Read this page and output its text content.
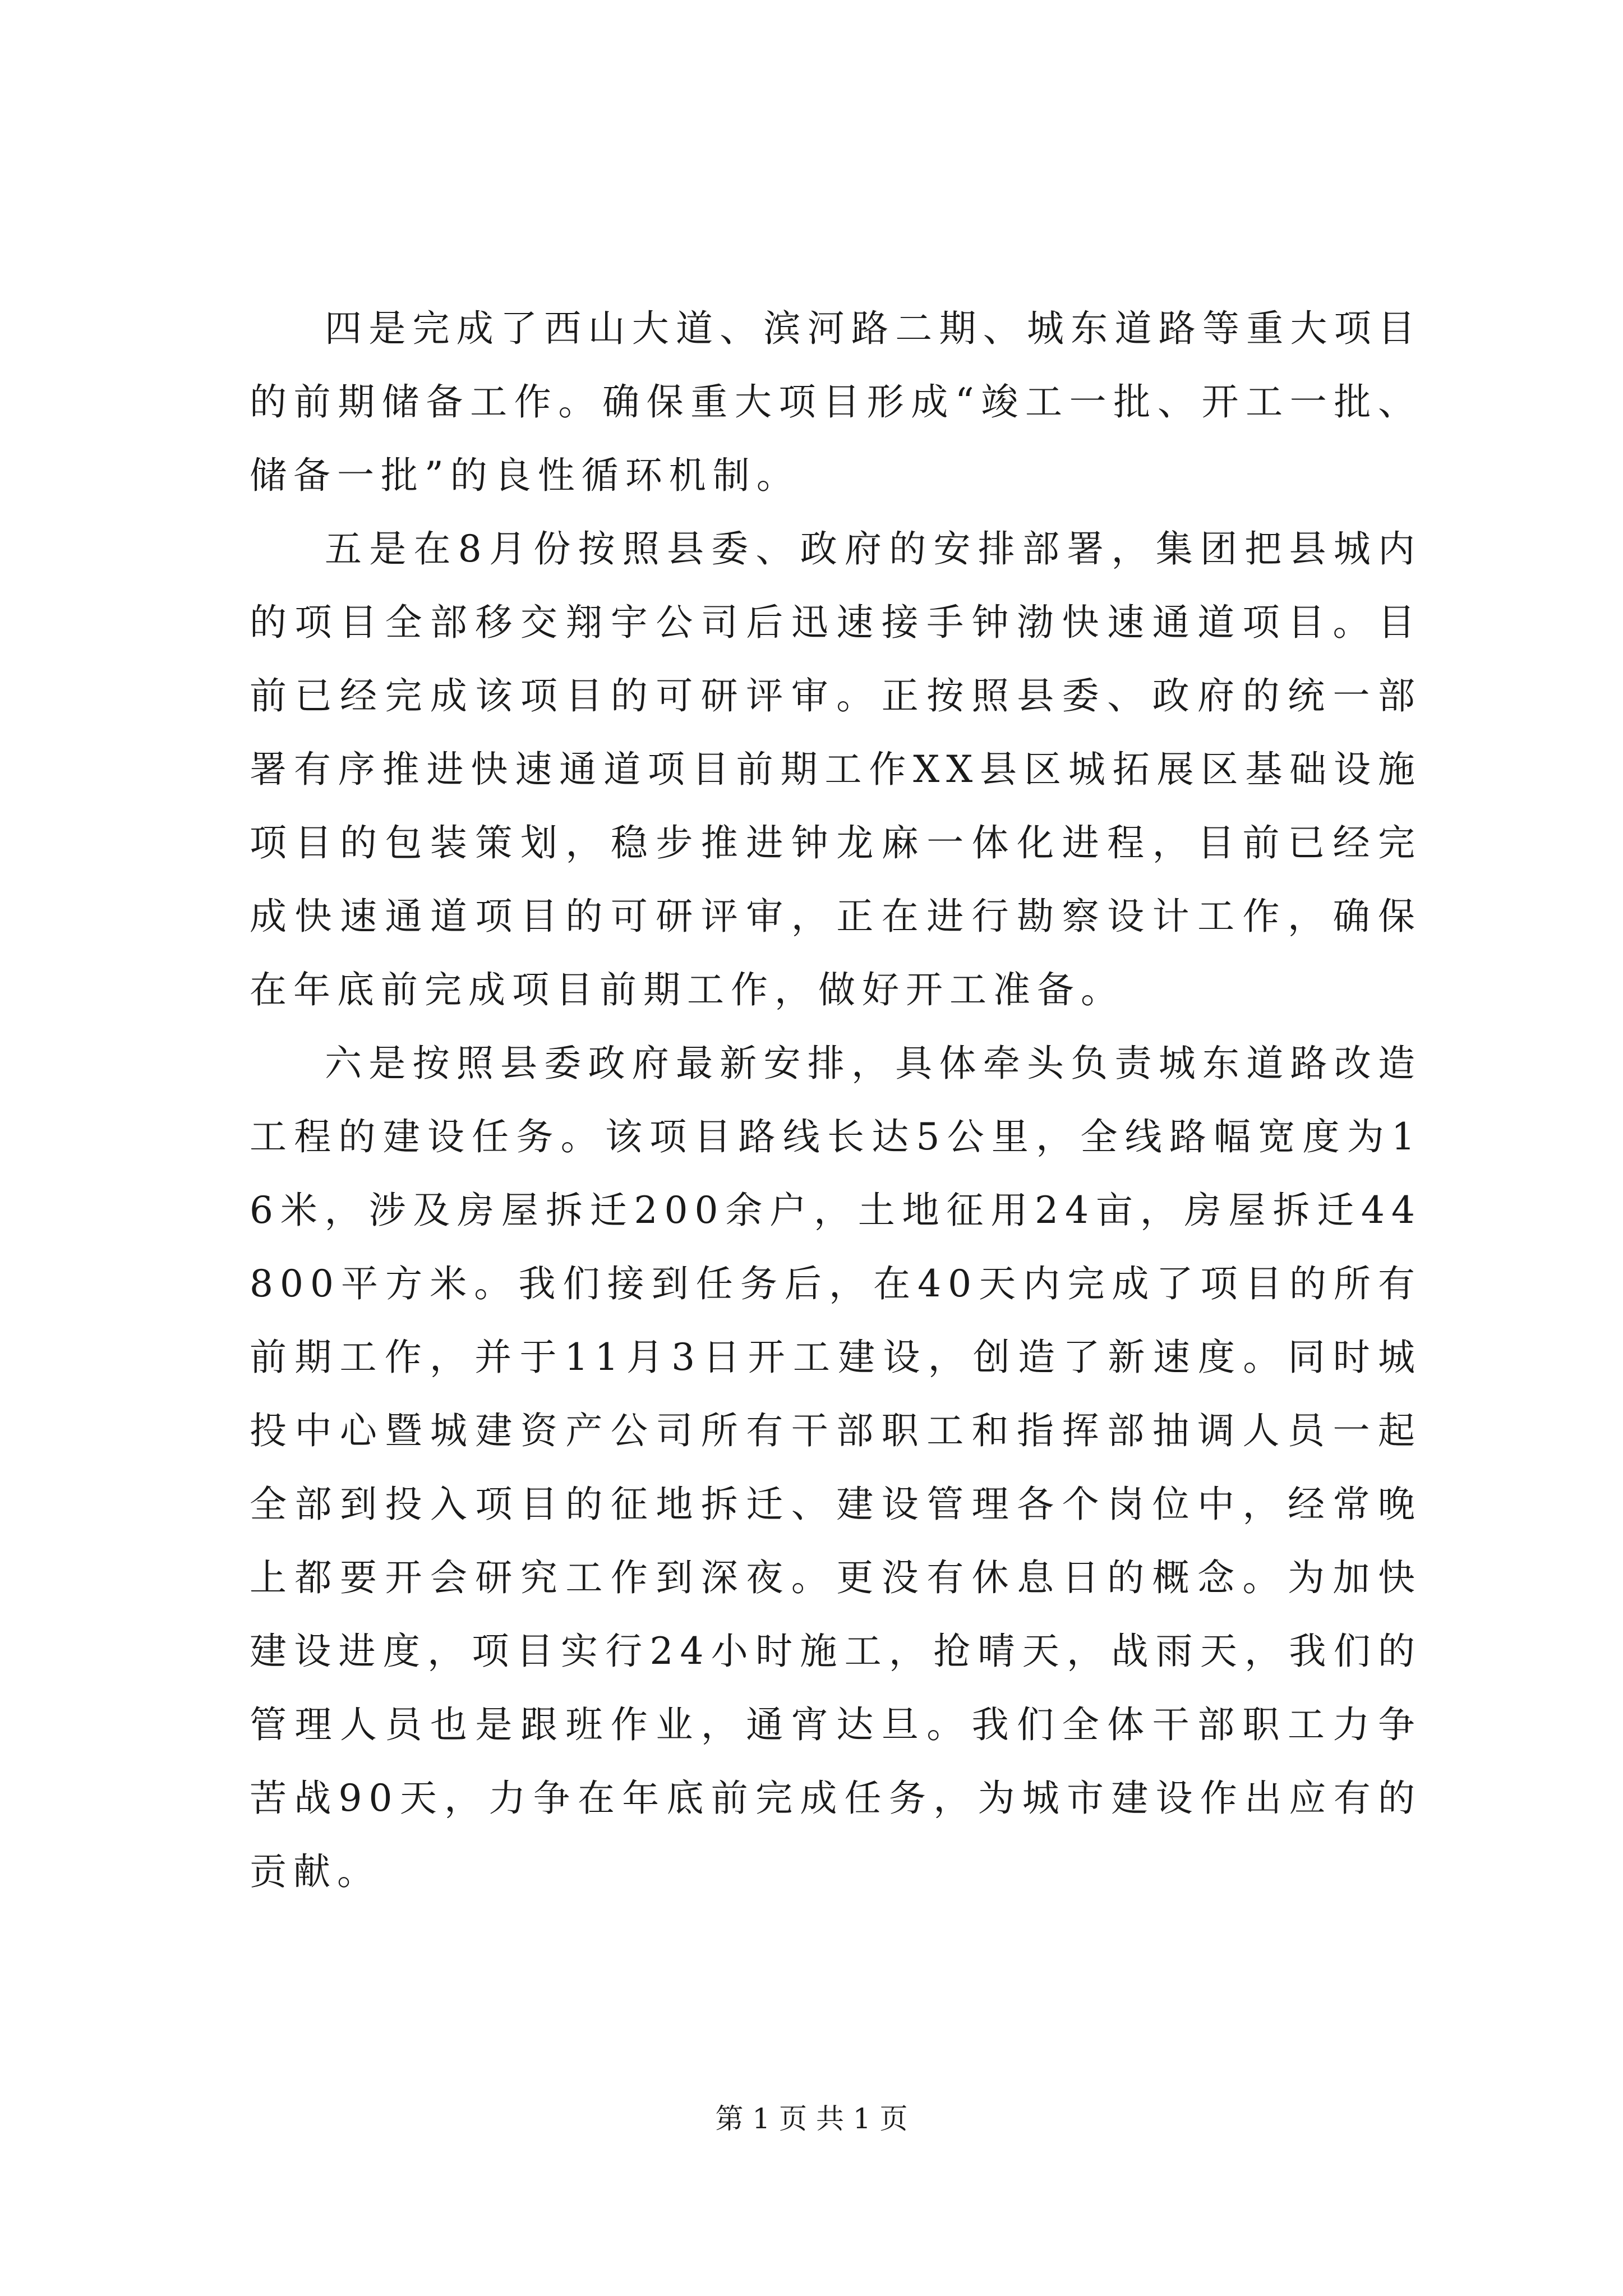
四是完成了西山大道、滨河路二期、城东道路等重大项目的前期储备工作。确保重大项目形成“竣工一批、开工一批、储备一批”的良性循环机制。

五是在8月份按照县委、政府的安排部署，集团把县城内的项目全部移交翔宇公司后迅速接手钟渤快速通道项目。目前已经完成该项目的可研评审。正按照县委、政府的统一部署有序推进快速通道项目前期工作XX县区城拓展区基础设施项目的包装策划，稳步推进钟龙麻一体化进程，目前已经完成快速通道项目的可研评审，正在进行勘察设计工作，确保在年底前完成项目前期工作，做好开工准备。

六是按照县委政府最新安排，具体牵头负责城东道路改造工程的建设任务。该项目路线长达5公里，全线路幅宽度为16米，涉及房屋拆迁200余户，土地征用24亩，房屋拆迁44800平方米。我们接到任务后，在40天内完成了项目的所有前期工作，并于11月3日开工建设，创造了新速度。同时城投中心暨城建资产公司所有干部职工和指挥部抽调人员一起全部到投入项目的征地拆迁、建设管理各个岗位中，经常晚上都要开会研究工作到深夜。更没有休息日的概念。为加快建设进度，项目实行24小时施工，抢晴天，战雨天，我们的管理人员也是跟班作业，通宵达旦。我们全体干部职工力争苦战90天，力争在年底前完成任务，为城市建设作出应有的贡献。

第 1 页 共 1 页
